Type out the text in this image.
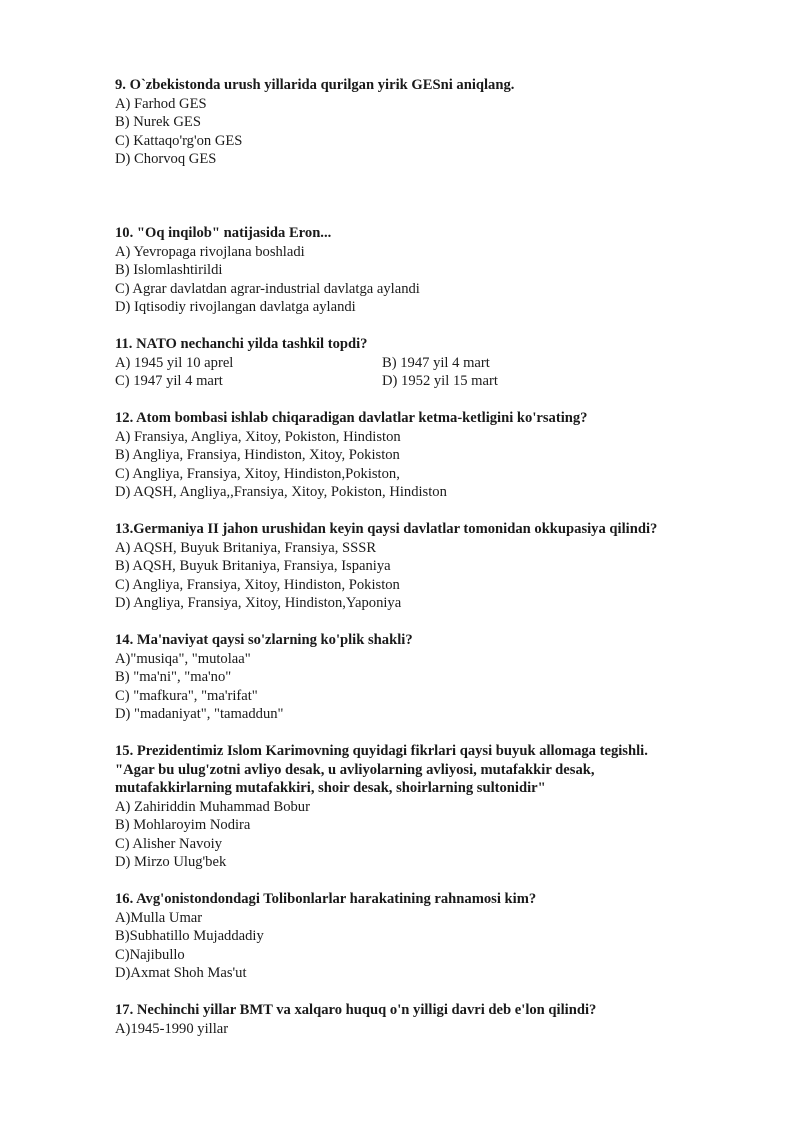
9. O`zbekistonda urush yillarida qurilgan yirik GESni aniqlang.
A) Farhod GES
B) Nurek GES
C) Kattaqo'rg'on GES
D) Chorvoq GES
10. "Oq inqilob" natijasida Eron...
A) Yevropaga rivojlana boshladi
B) Islomlashtirildi
C) Agrar davlatdan agrar-industrial davlatga aylandi
D) Iqtisodiy rivojlangan davlatga aylandi
11. NATO nechanchi yilda tashkil topdi?
A) 1945 yil 10 aprel	B) 1947 yil 4 mart
C) 1947 yil 4 mart	D) 1952 yil 15 mart
12. Atom bombasi ishlab chiqaradigan davlatlar ketma-ketligini ko'rsating?
A) Fransiya, Angliya, Xitoy, Pokiston, Hindiston
B) Angliya, Fransiya, Hindiston, Xitoy, Pokiston
C) Angliya, Fransiya, Xitoy, Hindiston,Pokiston,
D) AQSH, Angliya,,Fransiya, Xitoy, Pokiston, Hindiston
13.Germaniya II jahon urushidan keyin qaysi davlatlar tomonidan okkupasiya qilindi?
A) AQSH, Buyuk Britaniya, Fransiya, SSSR
B) AQSH, Buyuk Britaniya, Fransiya, Ispaniya
C) Angliya, Fransiya, Xitoy, Hindiston, Pokiston
D) Angliya, Fransiya, Xitoy, Hindiston,Yaponiya
14. Ma'naviyat qaysi so'zlarning ko'plik shakli?
A)"musiqa", "mutolaa"
B) "ma'ni", "ma'no"
C) "mafkura", "ma'rifat"
D) "madaniyat", "tamaddun"
15. Prezidentimiz Islom Karimovning quyidagi fikrlari qaysi buyuk allomaga tegishli.
"Agar bu ulug'zotni avliyo desak, u avliyolarning avliyosi, mutafakkir desak,
mutafakkirlarning mutafakkiri, shoir desak, shoirlarning sultonidir"
A) Zahiriddin Muhammad Bobur
B) Mohlaroyim Nodira
C) Alisher Navoiy
D) Mirzo Ulug'bek
16. Avg'onistondondagi Tolibonlarlar harakatining rahnamosi kim?
A)Mulla Umar
B)Subhatillo Mujaddadiy
C)Najibullo
D)Axmat Shoh Mas'ut
17. Nechinchi yillar BMT va xalqaro huquq o'n yilligi davri deb e'lon qilindi?
A)1945-1990 yillar
